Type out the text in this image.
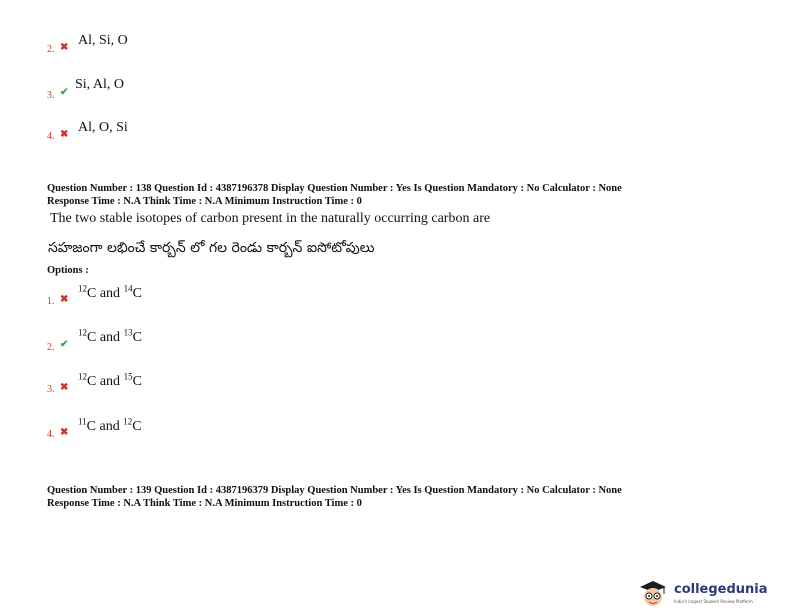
2. ✖ Al, Si, O
3. ✔
Si, Al, O
4. ✖ Al, O, Si
Question Number : 138 Question Id : 4387196378 Display Question Number : Yes Is Question Mandatory : No Calculator : None
Response Time : N.A Think Time : N.A Minimum Instruction Time : 0
The two stable isotopes of carbon present in the naturally occurring carbon are
సహజంగా లభించే కార్బన్ లో గల రెండు కార్బన్ ఐసోటోపులు
Options :
1. ✖
$^{12}$C and $^{14}$C
2. ✔
$^{12}$C and $^{13}$C
3. ✖
$^{12}$C and $^{15}$C
4. ✖
$^{11}$C and $^{12}$C
Question Number : 139 Question Id : 4387196379 Display Question Number : Yes Is Question Mandatory : No Calculator : None
Response Time : N.A Think Time : N.A Minimum Instruction Time : 0
collegedunia
India's largest Student Review Platform
